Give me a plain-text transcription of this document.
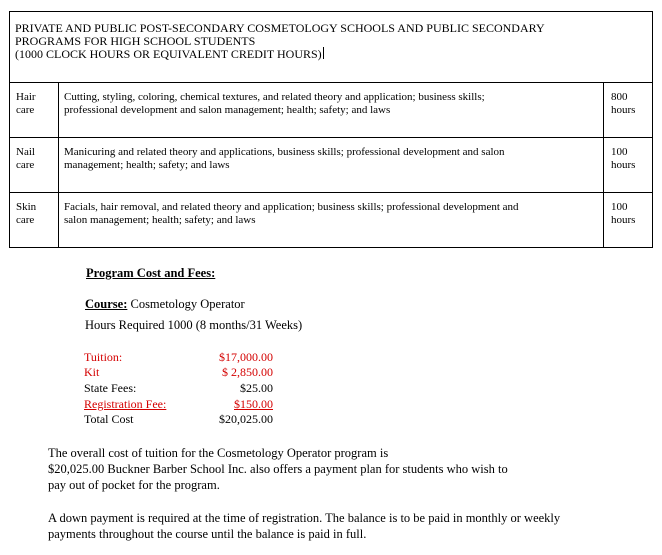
PRIVATE AND PUBLIC POST-SECONDARY COSMETOLOGY SCHOOLS AND PUBLIC SECONDARY
PROGRAMS FOR HIGH SCHOOL STUDENTS
(1000 CLOCK HOURS OR EQUIVALENT CREDIT HOURS)		

Hair
care	Cutting, styling, coloring, chemical textures, and related theory and application; business skills;
professional development and salon management; health; safety; and laws	800
hours

Nail
care	Manicuring and related theory and applications, business skills; professional development and salon
management; health; safety; and laws	100
hours

Skin
care	Facials, hair removal, and related theory and application; business skills; professional development and
salon management; health; safety; and laws	100
hours
Program Cost and Fees:
Course: Cosmetology Operator
Hours Required 1000 (8 months/31 Weeks)
Tuition:	$17,000.00
Kit	$ 2,850.00
State Fees:	$25.00
Registration Fee:	$150.00
Total Cost	$20,025.00
The overall cost of tuition for the Cosmetology Operator program is
$20,025.00 Buckner Barber School Inc. also offers a payment plan for students who wish to
pay out of pocket for the program.
A down payment is required at the time of registration. The balance is to be paid in monthly or weekly
payments throughout the course until the balance is paid in full.
